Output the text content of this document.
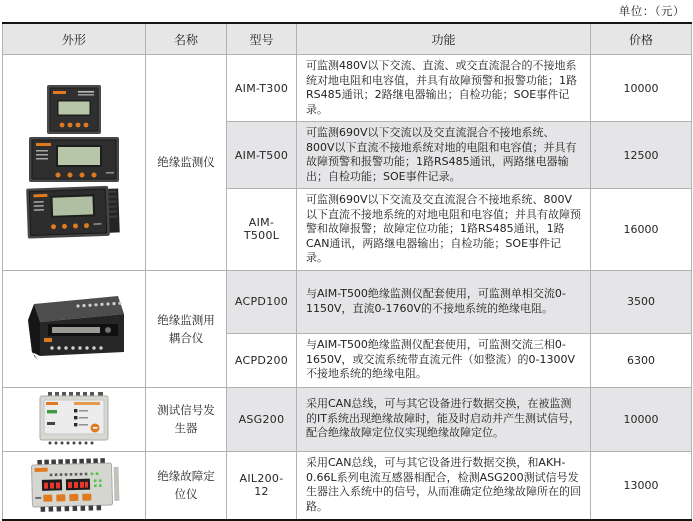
单位：（元）
外形	名称	型号	功能	价格

	绝缘监测仪	AIM-T300	可监测480V以下交流、直流、或交直流混合的不接地系统对地电阻和电容值，并具有故障预警和报警功能；1路RS485通讯；2路继电器输出；自检功能；SOE事件记录。	10000
		AIM-T500	可监测690V以下交流以及交直流混合不接地系统、800V以下直流不接地系统对地的电阻和电容值；并具有故障预警和报警功能；1路RS485通讯，两路继电器输出；自检功能；SOE事件记录。	12500
		AIM-T500L	可监测690V以下交流及交直流混合不接地系统、800V以下直流不接地系统的对地电阻和电容值；并具有故障预警和故障报警；故障定位功能；1路RS485通讯，1路CAN通讯，两路继电器输出；自检功能；SOE事件记录。	16000

	绝缘监测用耦合仪	ACPD100	与AIM-T500绝缘监测仪配套使用，可监测单相交流0-1150V，直流0-1760V的不接地系统的绝缘电阻。	3500
		ACPD200	与AIM-T500绝缘监测仪配套使用，可监测交流三相0-1650V，或交流系统带直流元件（如整流）的0-1300V不接地系统的绝缘电阻。	6300

	测试信号发生器	ASG200	采用CAN总线，可与其它设备进行数据交换，在被监测的IT系统出现绝缘故障时，能及时启动并产生测试信号，配合绝缘故障定位仪实现绝缘故障定位。	10000

	绝缘故障定位仪	AIL200-12	采用CAN总线，可与其它设备进行数据交换，和AKH-0.66L系列电流互感器相配合，检测ASG200测试信号发生器注入系统中的信号，从而准确定位绝缘故障所在的回路。	13000
